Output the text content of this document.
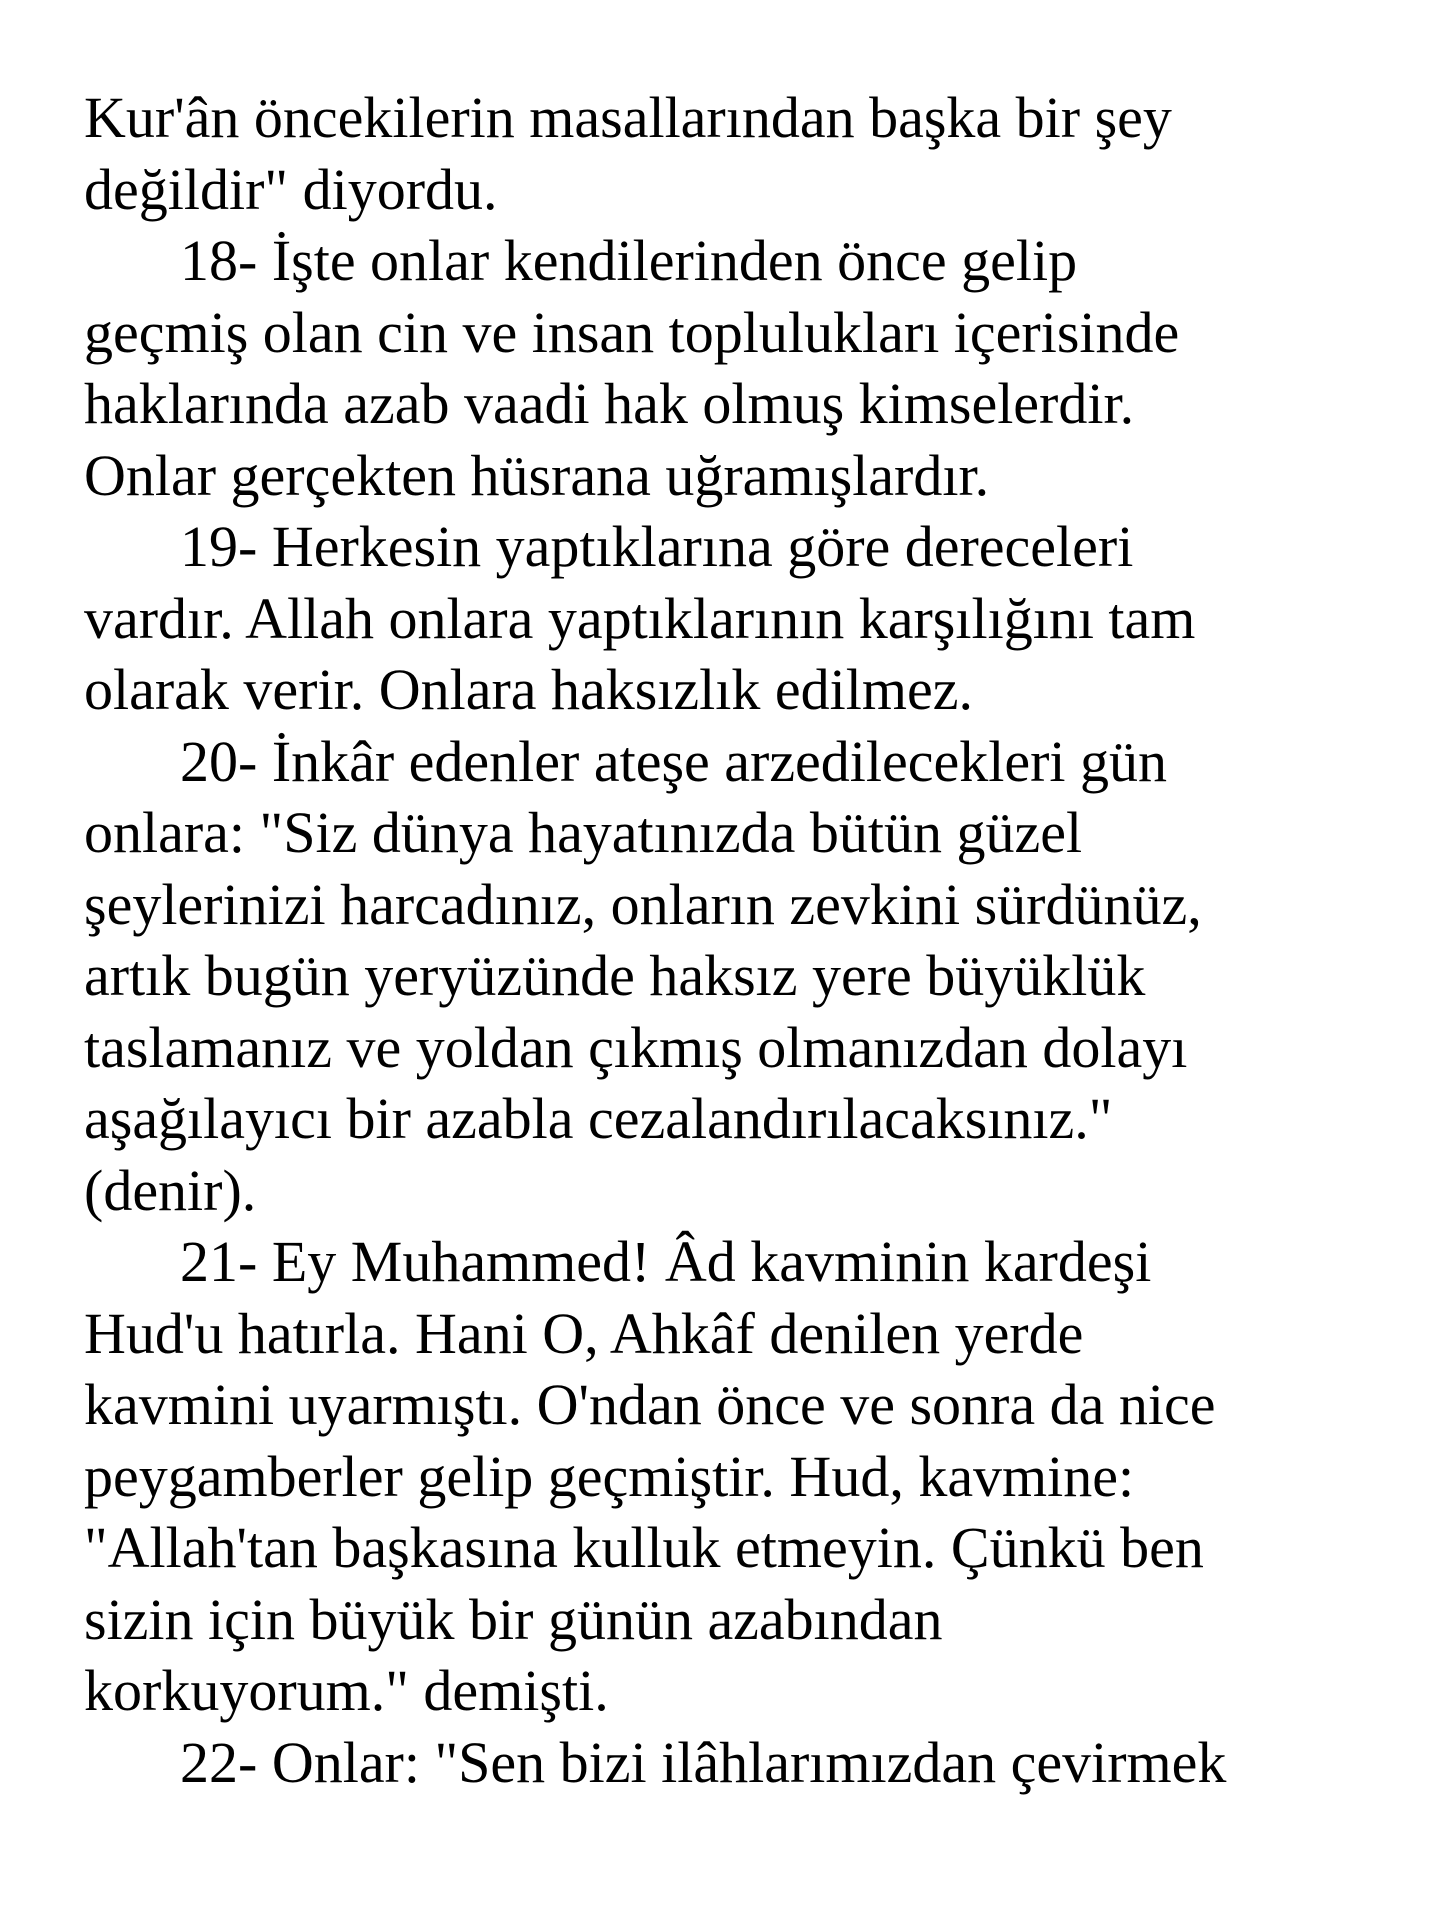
Kur'ân öncekilerin masallarından başka bir şey
değildir" diyordu.

18- İşte onlar kendilerinden önce gelip
geçmiş olan cin ve insan toplulukları içerisinde
haklarında azab vaadi hak olmuş kimselerdir.
Onlar gerçekten hüsrana uğramışlardır.

19- Herkesin yaptıklarına göre dereceleri
vardır. Allah onlara yaptıklarının karşılığını tam
olarak verir. Onlara haksızlık edilmez.

20- İnkâr edenler ateşe arzedilecekleri gün
onlara: "Siz dünya hayatınızda bütün güzel
şeylerinizi harcadınız, onların zevkini sürdünüz,
artık bugün yeryüzünde haksız yere büyüklük
taslamanız ve yoldan çıkmış olmanızdan dolayı
aşağılayıcı bir azabla cezalandırılacaksınız."
(denir).

21- Ey Muhammed! Âd kavminin kardeşi
Hud'u hatırla. Hani O, Ahkâf denilen yerde
kavmini uyarmıştı. O'ndan önce ve sonra da nice
peygamberler gelip geçmiştir. Hud, kavmine:
"Allah'tan başkasına kulluk etmeyin. Çünkü ben
sizin için büyük bir günün azabından
korkuyorum." demişti.

22- Onlar: "Sen bizi ilâhlarımızdan çevirmek
